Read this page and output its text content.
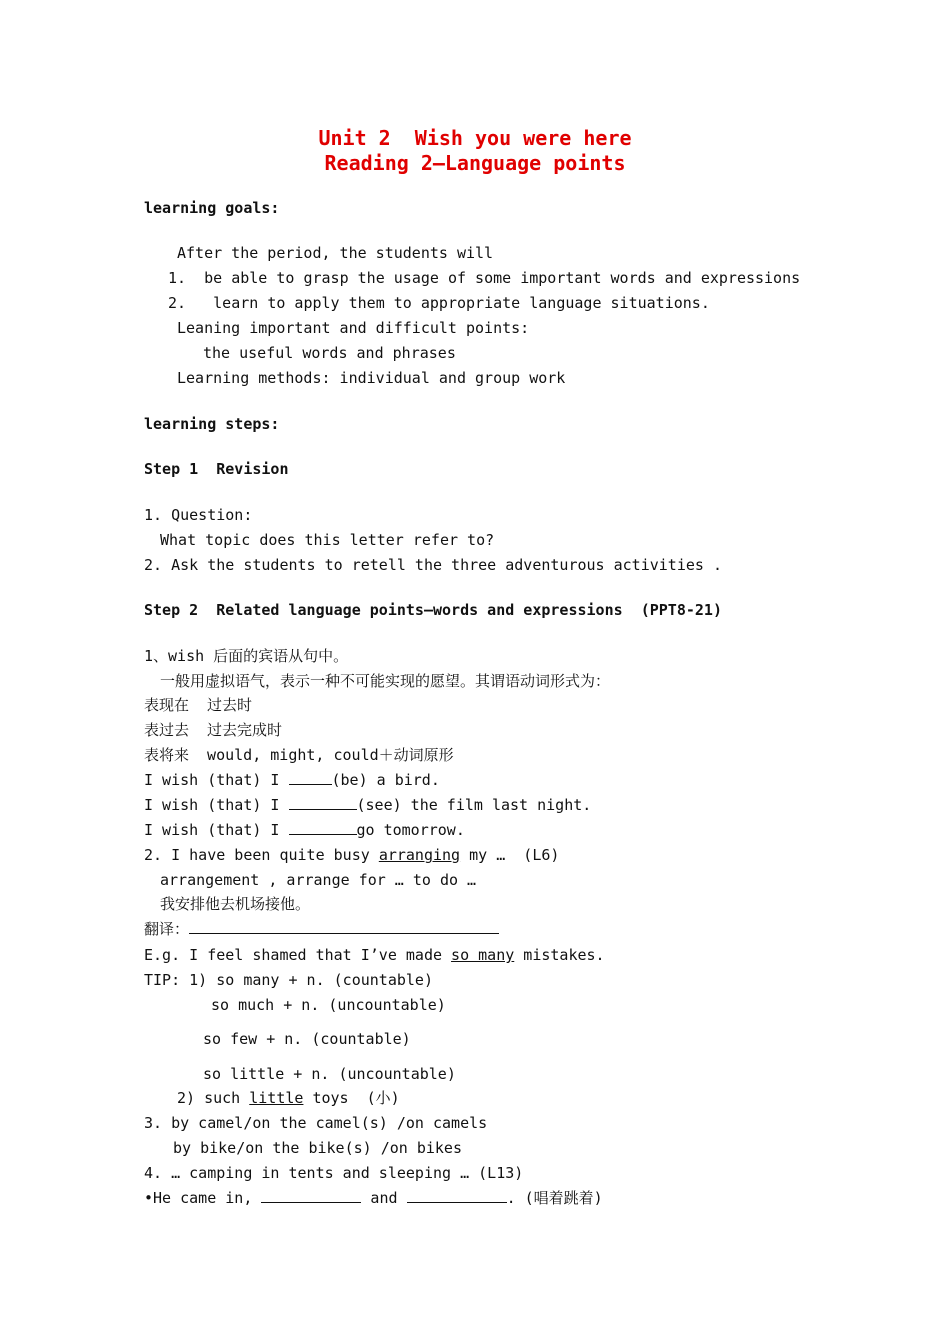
Unit 2  Wish you were here
Reading 2—Language points
learning goals:
After the period, the students will
1.  be able to grasp the usage of some important words and expressions
2.   learn to apply them to appropriate language situations.
Leaning important and difficult points:
the useful words and phrases
Learning methods: individual and group work
learning steps:
Step 1  Revision
1. Question:
What topic does this letter refer to?
2. Ask the students to retell the three adventurous activities .
Step 2  Related language points—words and expressions  (PPT8-21)
1、wish 后面的宾语从句中。
一般用虚拟语气，表示一种不可能实现的愿望。其谓语动词形式为：
表现在  过去时
表过去  过去完成时
表将来  would, might, could＋动词原形
I wish (that) I	(be) a bird.
I wish (that) I	(see) the film last night.
I wish (that) I	go tomorrow.
2. I have been quite busy arranging my …  (L6)
arrangement , arrange for … to do …
我安排他去机场接他。
翻译：
E.g. I feel shamed that I’ve made so many mistakes.
TIP: 1) so many + n. (countable)
so much + n. (uncountable)
so few + n. (countable)
so little + n. (uncountable)
2) such little toys  (小)
3. by camel/on the camel(s) /on camels
by bike/on the bike(s) /on bikes
4. … camping in tents and sleeping … (L13)
•He came in,	and	. (唱着跳着)
